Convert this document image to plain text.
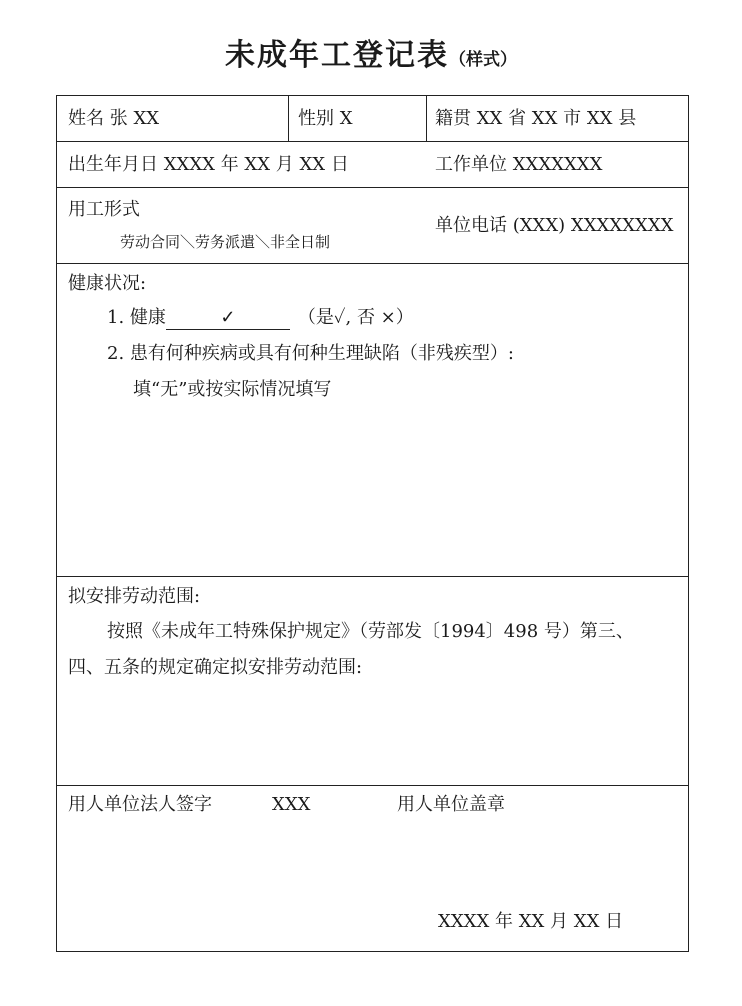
未成年工登记表（样式）
姓名 张 XX	性别 X	籍贯 XX 省 XX 市 XX 县
出生年月日 XXXX 年 XX 月 XX 日	工作单位 XXXXXXX
用工形式
劳动合同＼劳务派遣＼非全日制
单位电话 (XXX) XXXXXXXX
健康状况:
1. 健康	✓	（是✓, 否 ×）
2. 患有何种疾病或具有何种生理缺陷（非残疾型）:
填“无”或按实际情况填写
拟安排劳动范围:
按照《未成年工特殊保护规定》（劳部发〔1994〕498 号）第三、
四、五条的规定确定拟安排劳动范围:
用人单位法人签字	XXX	用人单位盖章
XXXX 年 XX 月 XX 日
